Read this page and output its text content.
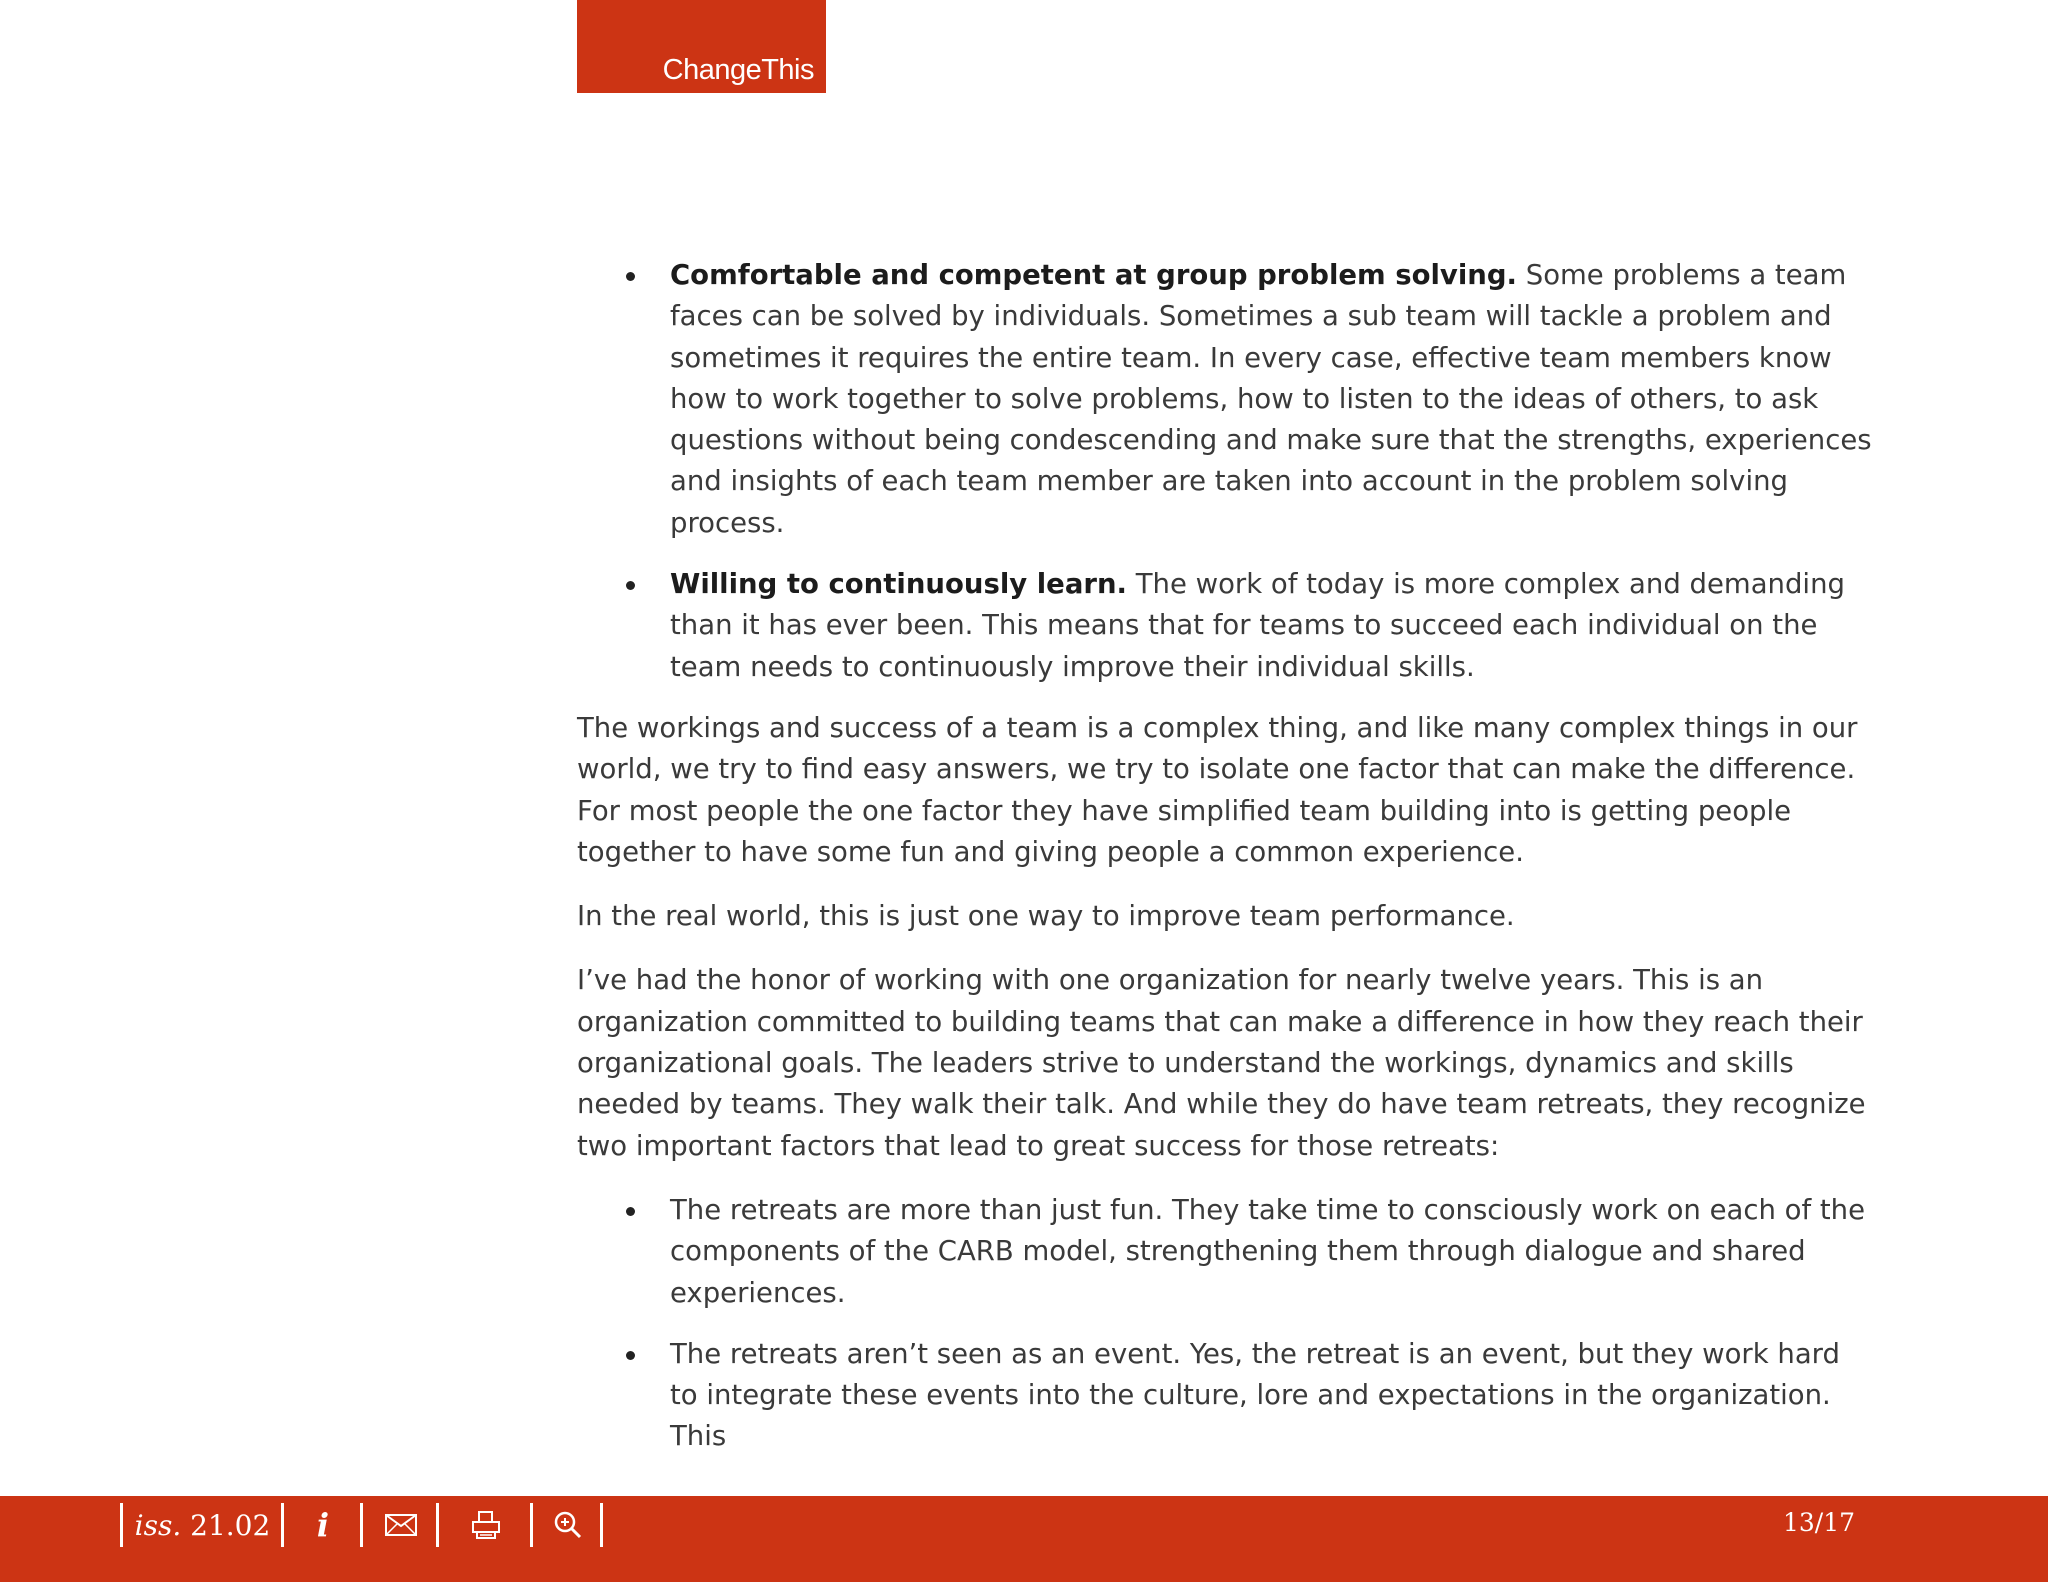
ChangeThis
Comfortable and competent at group problem solving. Some problems a team faces can be solved by individuals. Sometimes a sub team will tackle a problem and sometimes it requires the entire team. In every case, effective team members know how to work together to solve problems, how to listen to the ideas of others, to ask questions without being condescending and make sure that the strengths, experiences and insights of each team member are taken into account in the problem solving process.
Willing to continuously learn. The work of today is more complex and demanding than it has ever been. This means that for teams to succeed each individual on the team needs to continuously improve their individual skills.

The workings and success of a team is a complex thing, and like many complex things in our world, we try to find easy answers, we try to isolate one factor that can make the difference. For most people the one factor they have simplified team building into is getting people together to have some fun and giving people a common experience.

In the real world, this is just one way to improve team performance.

I’ve had the honor of working with one organization for nearly twelve years. This is an organization committed to building teams that can make a difference in how they reach their organizational goals. The leaders strive to understand the workings, dynamics and skills needed by teams. They walk their talk. And while they do have team retreats, they recognize two important factors that lead to great success for those retreats:

The retreats are more than just fun. They take time to consciously work on each of the components of the CARB model, strengthening them through dialogue and shared experiences.
The retreats aren’t seen as an event. Yes, the retreat is an event, but they work hard to integrate these events into the culture, lore and expectations in the organization. This
iss.
21.02 i	13/17
